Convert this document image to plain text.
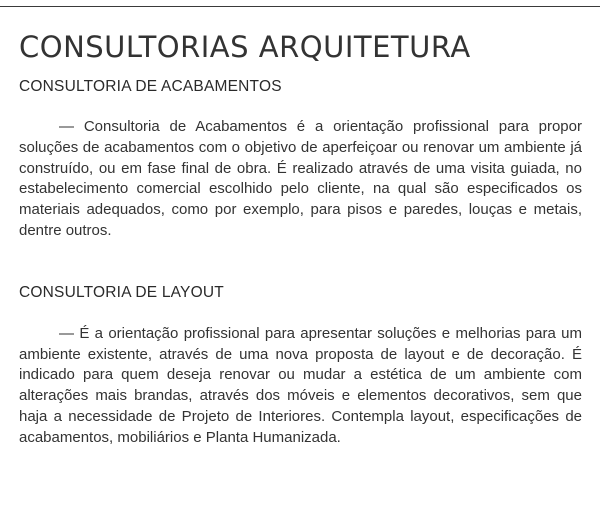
CONSULTORIAS ARQUITETURA
CONSULTORIA DE ACABAMENTOS

— Consultoria de Acabamentos é a orientação profissional para propor soluções de acabamentos com o objetivo de aperfeiçoar ou renovar um ambiente já construído, ou em fase final de obra. É realizado através de uma visita guiada, no estabelecimento comercial escolhido pelo cliente, na qual são especificados os materiais adequados, como por exemplo, para pisos e paredes, louças e metais, dentre outros.

CONSULTORIA DE LAYOUT

— É a orientação profissional para apresentar soluções e melhorias para um ambiente existente, através de uma nova proposta de layout e de decoração. É indicado para quem deseja renovar ou mudar a estética de um ambiente com alterações mais brandas, através dos móveis e elementos decorativos, sem que haja a necessidade de Projeto de Interiores. Contempla layout, especificações de acabamentos, mobiliários e Planta Humanizada.
